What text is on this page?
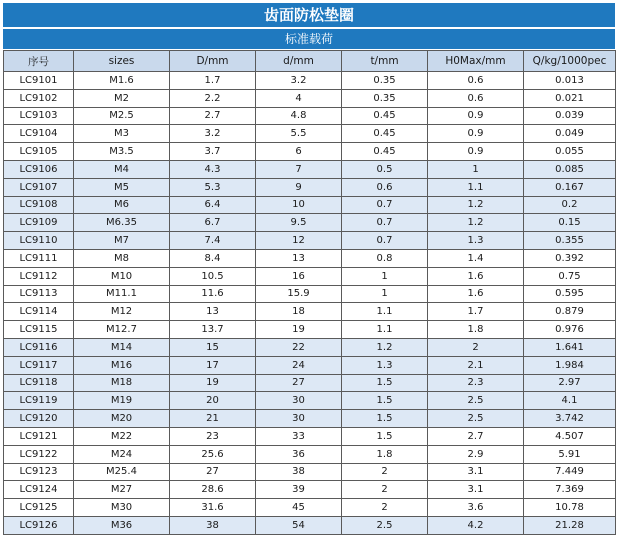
齿面防松垫圈
标准载荷
序号	sizes	D/mm	d/mm	t/mm	H0Max/mm	Q/kg/1000pec
LC9101	M1.6	1.7	3.2	0.35	0.6	0.013
LC9102	M2	2.2	4	0.35	0.6	0.021
LC9103	M2.5	2.7	4.8	0.45	0.9	0.039
LC9104	M3	3.2	5.5	0.45	0.9	0.049
LC9105	M3.5	3.7	6	0.45	0.9	0.055
LC9106	M4	4.3	7	0.5	1	0.085
LC9107	M5	5.3	9	0.6	1.1	0.167
LC9108	M6	6.4	10	0.7	1.2	0.2
LC9109	M6.35	6.7	9.5	0.7	1.2	0.15
LC9110	M7	7.4	12	0.7	1.3	0.355
LC9111	M8	8.4	13	0.8	1.4	0.392
LC9112	M10	10.5	16	1	1.6	0.75
LC9113	M11.1	11.6	15.9	1	1.6	0.595
LC9114	M12	13	18	1.1	1.7	0.879
LC9115	M12.7	13.7	19	1.1	1.8	0.976
LC9116	M14	15	22	1.2	2	1.641
LC9117	M16	17	24	1.3	2.1	1.984
LC9118	M18	19	27	1.5	2.3	2.97
LC9119	M19	20	30	1.5	2.5	4.1
LC9120	M20	21	30	1.5	2.5	3.742
LC9121	M22	23	33	1.5	2.7	4.507
LC9122	M24	25.6	36	1.8	2.9	5.91
LC9123	M25.4	27	38	2	3.1	7.449
LC9124	M27	28.6	39	2	3.1	7.369
LC9125	M30	31.6	45	2	3.6	10.78
LC9126	M36	38	54	2.5	4.2	21.28
